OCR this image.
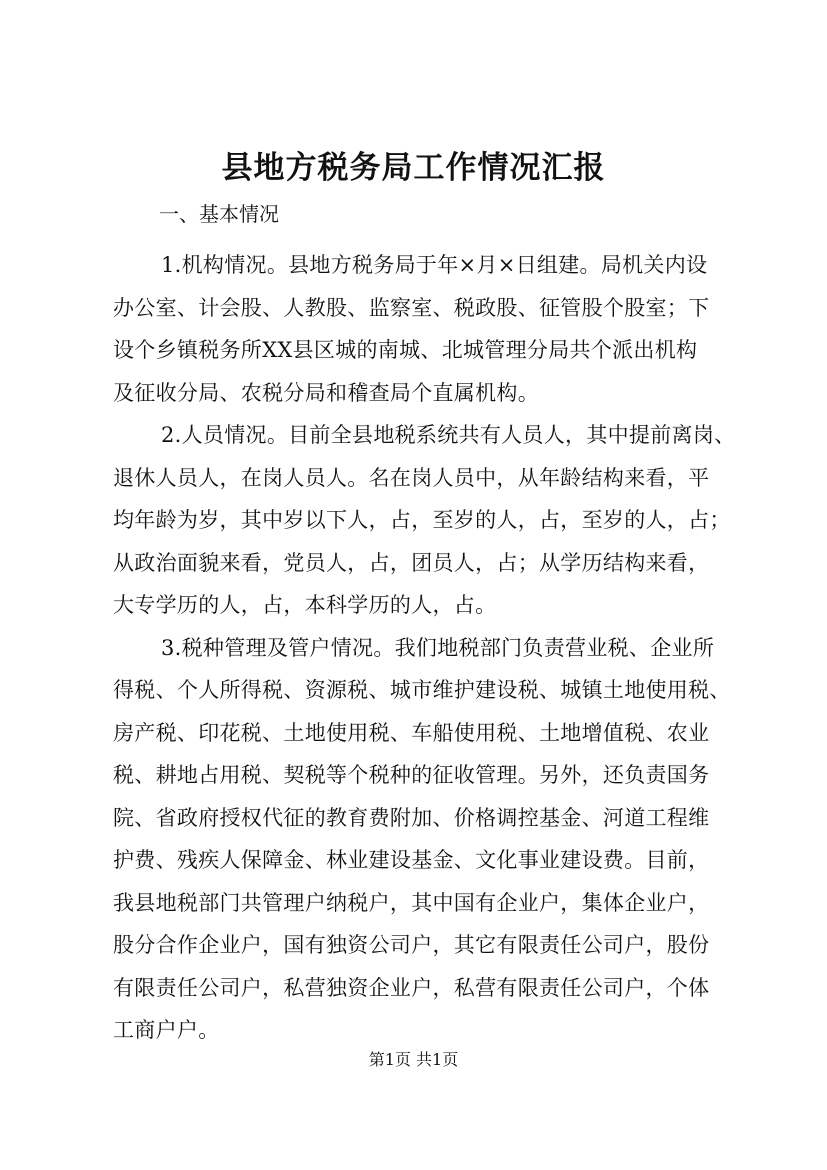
县地方税务局工作情况汇报
一、基本情况
1.机构情况。县地方税务局于年×月×日组建。局机关内设
办公室、计会股、人教股、监察室、税政股、征管股个股室；下
设个乡镇税务所XX县区城的南城、北城管理分局共个派出机构
及征收分局、农税分局和稽查局个直属机构。
2.人员情况。目前全县地税系统共有人员人，其中提前离岗、
退休人员人，在岗人员人。名在岗人员中，从年龄结构来看，平
均年龄为岁，其中岁以下人，占，至岁的人，占，至岁的人，占；
从政治面貌来看，党员人，占，团员人，占；从学历结构来看，
大专学历的人，占，本科学历的人，占。
3.税种管理及管户情况。我们地税部门负责营业税、企业所
得税、个人所得税、资源税、城市维护建设税、城镇土地使用税、
房产税、印花税、土地使用税、车船使用税、土地增值税、农业
税、耕地占用税、契税等个税种的征收管理。另外，还负责国务
院、省政府授权代征的教育费附加、价格调控基金、河道工程维
护费、残疾人保障金、林业建设基金、文化事业建设费。目前，
我县地税部门共管理户纳税户，其中国有企业户，集体企业户，
股分合作企业户，国有独资公司户，其它有限责任公司户，股份
有限责任公司户，私营独资企业户，私营有限责任公司户，个体
工商户户。
第1页 共1页
